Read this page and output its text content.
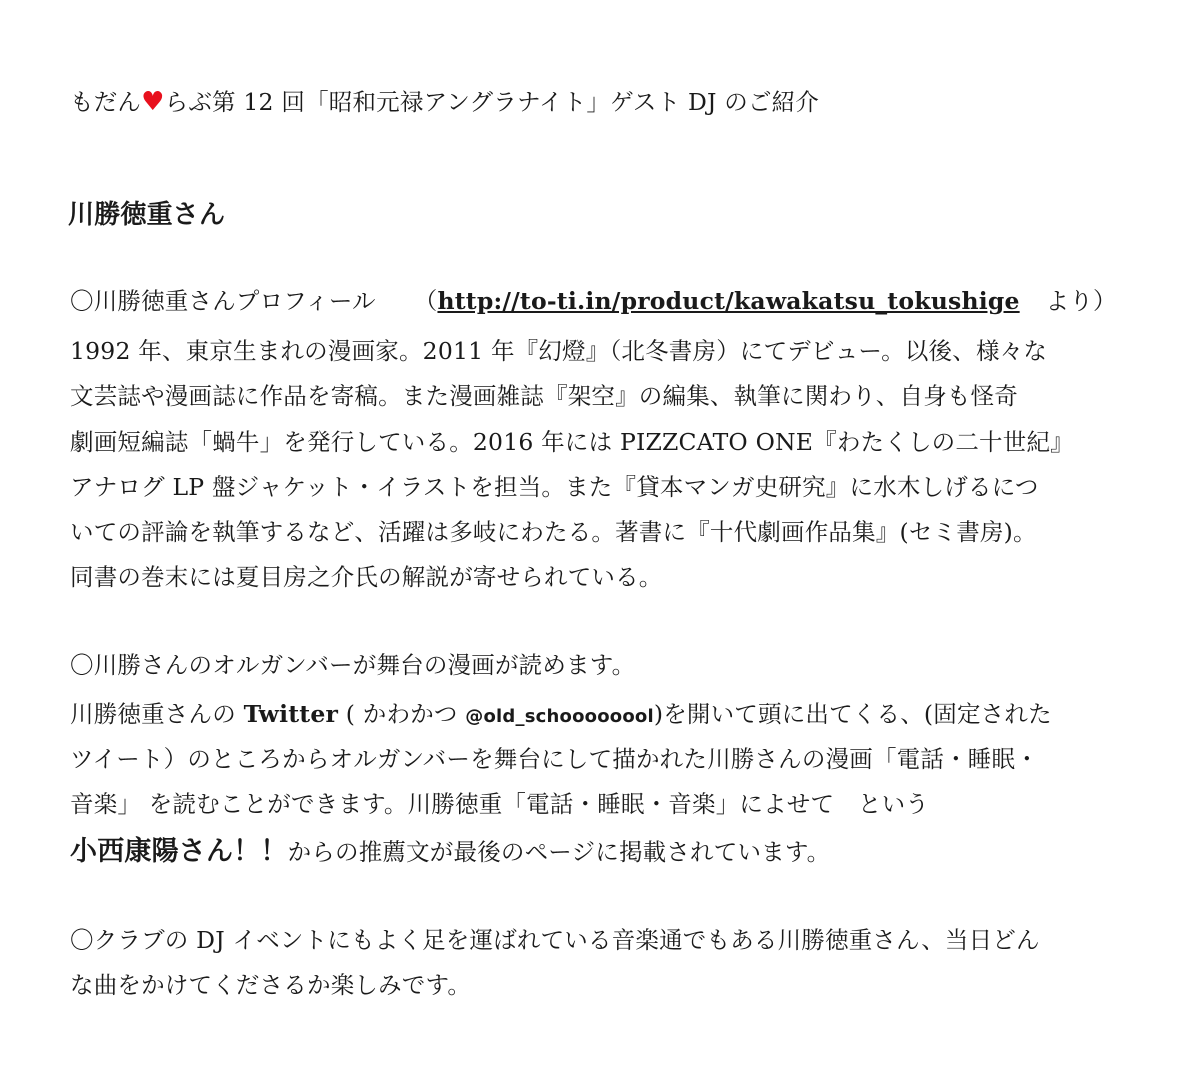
もだん♥らぶ第 12 回「昭和元禄アングラナイト」ゲスト DJ のご紹介
川勝徳重さん
〇川勝徳重さんプロフィール （http://to-ti.in/product/kawakatsu_tokushige より）
1992 年、東京生まれの漫画家。2011 年『幻燈』（北冬書房）にてデビュー。以後、様々な
文芸誌や漫画誌に作品を寄稿。また漫画雑誌『架空』の編集、執筆に関わり、自身も怪奇
劇画短編誌「蝸牛」を発行している。2016 年には PIZZCATO ONE『わたくしの二十世紀』
アナログ LP 盤ジャケット・イラストを担当。また『貸本マンガ史研究』に水木しげるにつ
いての評論を執筆するなど、活躍は多岐にわたる。著書に『十代劇画作品集』(セミ書房)。
同書の巻末には夏目房之介氏の解説が寄せられている。
〇川勝さんのオルガンバーが舞台の漫画が読めます。
川勝徳重さんの Twitter ( かわかつ @old_schoooooool)を開いて頭に出てくる、(固定された
ツイート）のところからオルガンバーを舞台にして描かれた川勝さんの漫画「電話・睡眠・
音楽」 を読むことができます。川勝徳重「電話・睡眠・音楽」によせて　という
小西康陽さん！！からの推薦文が最後のページに掲載されています。
〇クラブの DJ イベントにもよく足を運ばれている音楽通でもある川勝徳重さん、当日どん
な曲をかけてくださるか楽しみです。
